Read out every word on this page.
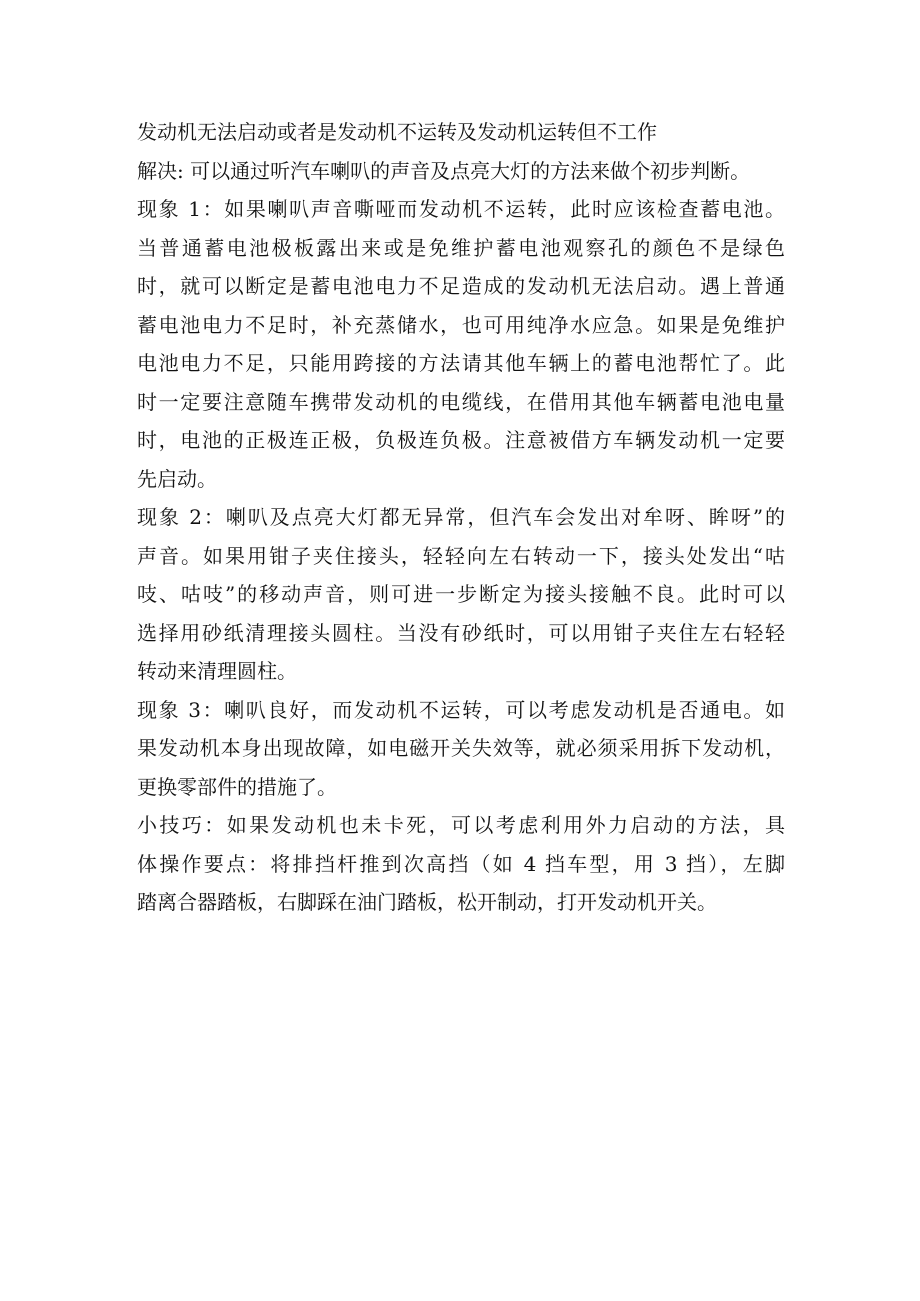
发动机无法启动或者是发动机不运转及发动机运转但不工作

解决: 可以通过听汽车喇叭的声音及点亮大灯的方法来做个初步判断。

现象 1：如果喇叭声音嘶哑而发动机不运转，此时应该检查蓄电池。
当普通蓄电池极板露出来或是免维护蓄电池观察孔的颜色不是绿色
时，就可以断定是蓄电池电力不足造成的发动机无法启动。遇上普通
蓄电池电力不足时，补充蒸储水，也可用纯净水应急。如果是免维护
电池电力不足，只能用跨接的方法请其他车辆上的蓄电池帮忙了。此
时一定要注意随车携带发动机的电缆线，在借用其他车辆蓄电池电量
时，电池的正极连正极，负极连负极。注意被借方车辆发动机一定要
先启动。

现象 2：喇叭及点亮大灯都无异常，但汽车会发出对牟呀、眸呀”的
声音。如果用钳子夹住接头，轻轻向左右转动一下，接头处发出“咕
吱、咕吱”的移动声音，则可进一步断定为接头接触不良。此时可以
选择用砂纸清理接头圆柱。当没有砂纸时，可以用钳子夹住左右轻轻
转动来清理圆柱。

现象 3：喇叭良好，而发动机不运转，可以考虑发动机是否通电。如
果发动机本身出现故障，如电磁开关失效等，就必须采用拆下发动机，
更换零部件的措施了。

小技巧：如果发动机也未卡死，可以考虑利用外力启动的方法，具
体操作要点：将排挡杆推到次高挡（如 4 挡车型，用 3 挡），左脚
踏离合器踏板，右脚踩在油门踏板，松开制动，打开发动机开关。
